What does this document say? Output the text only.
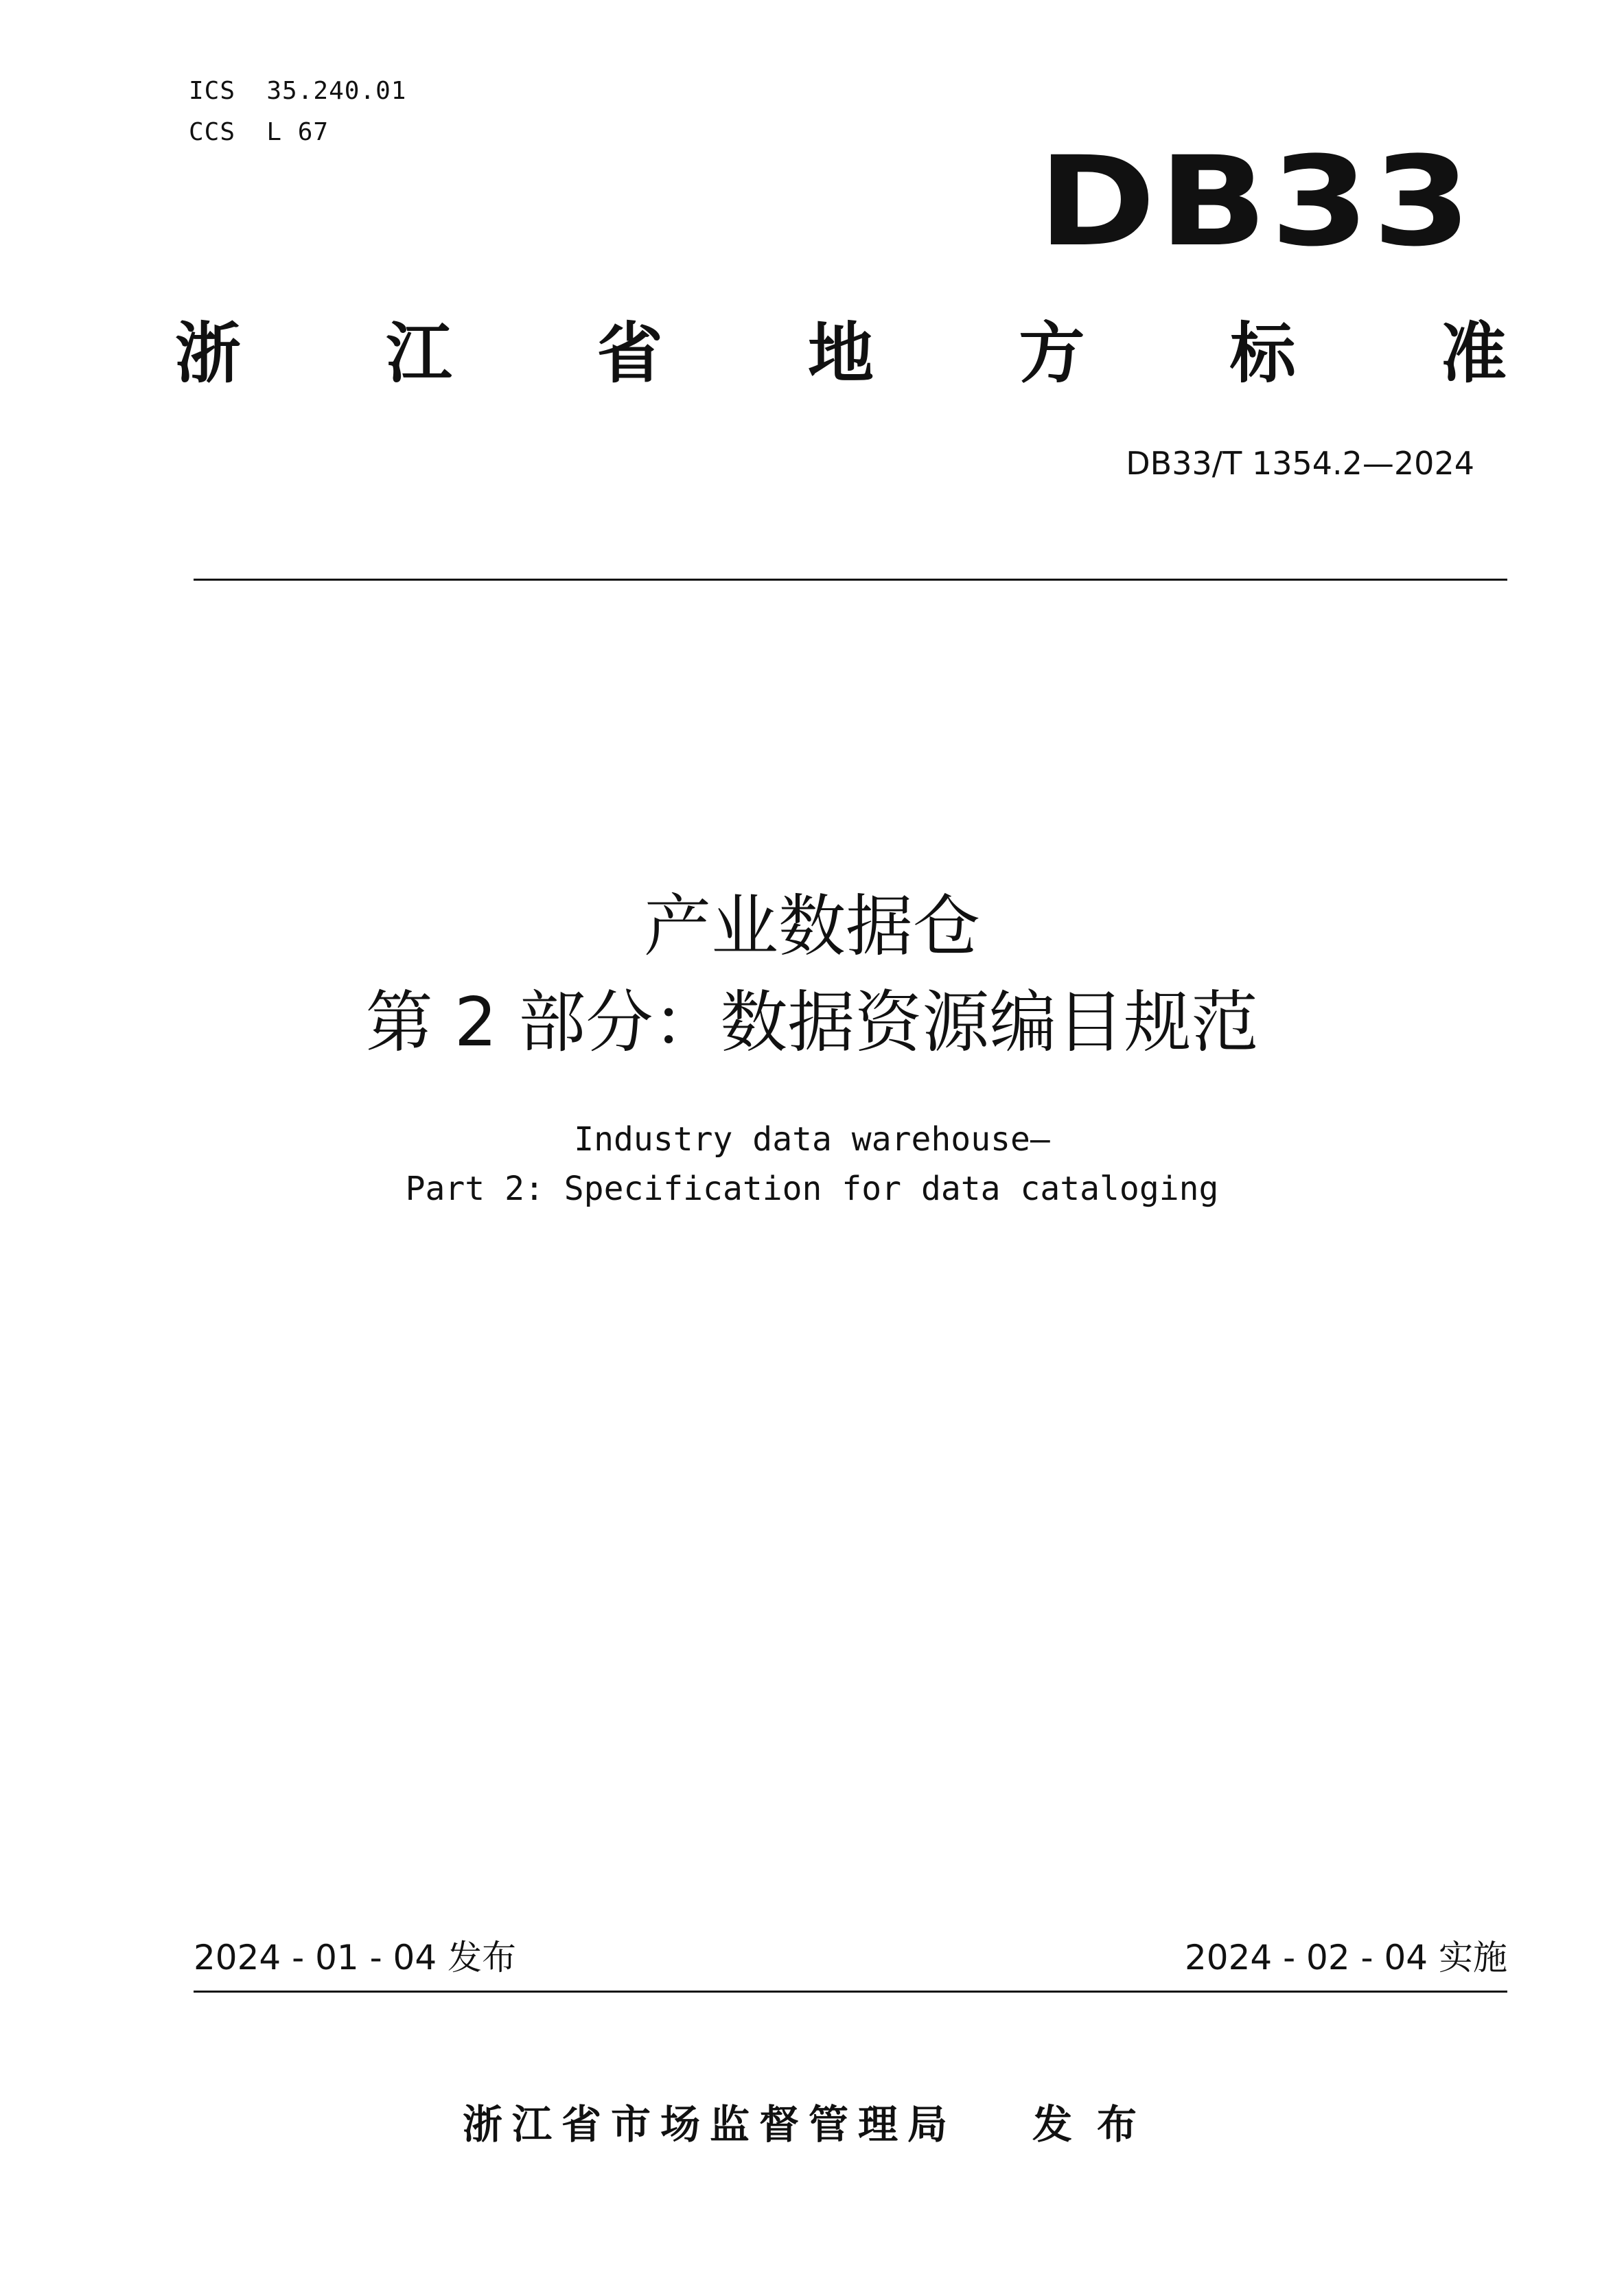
ICS  35.240.01
CCS  L 67	DB33
浙 江 省 地 方 标 准
DB33/T 1354.2—2024
产业数据仓
第 2 部分：数据资源编目规范
Industry data warehouse—
Part 2: Specification for data cataloging
2024 - 01 - 04 发布	2024 - 02 - 04 实施
浙江省市场监督管理局 发布
